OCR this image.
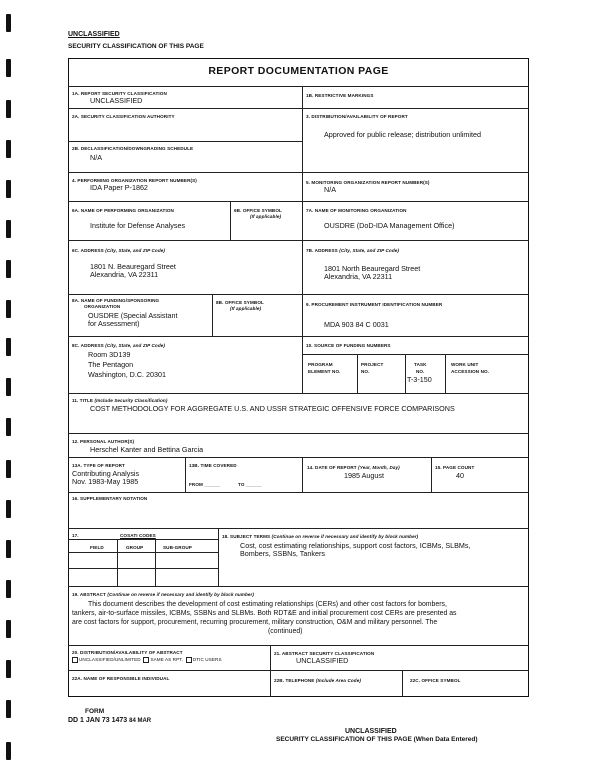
UNCLASSIFIED
SECURITY CLASSIFICATION OF THIS PAGE
REPORT DOCUMENTATION PAGE
1A. REPORT SECURITY CLASSIFICATION
UNCLASSIFIED
1B. RESTRICTIVE MARKINGS
2A. SECURITY CLASSIFICATION AUTHORITY
2B. DECLASSIFICATION/DOWNGRADING SCHEDULE
N/A
3. DISTRIBUTION/AVAILABILITY OF REPORT
Approved for public release; distribution unlimited
4. PERFORMING ORGANIZATION REPORT NUMBER(S)
IDA Paper P-1862
5. MONITORING ORGANIZATION REPORT NUMBER(S)
N/A
6A. NAME OF PERFORMING ORGANIZATION
Institute for Defense Analyses
6B. OFFICE SYMBOL
(If applicable)
7A. NAME OF MONITORING ORGANIZATION
OUSDRE (DoD-IDA Management Office)
6C. ADDRESS (City, State, and ZIP Code)
1801 N. Beauregard Street
Alexandria, VA 22311
7B. ADDRESS (City, State, and ZIP Code)
1801 North Beauregard Street
Alexandria, VA 22311
8A. NAME OF FUNDING/SPONSORING
ORGANIZATION
OUSDRE (Special Assistant
for Assessment)
8B. OFFICE SYMBOL
(If applicable)
9. PROCUREMENT INSTRUMENT IDENTIFICATION NUMBER
MDA 903 84 C 0031
8C. ADDRESS (City, State, and ZIP Code)
Room 3D139
The Pentagon
Washington, D.C. 20301
10. SOURCE OF FUNDING NUMBERS
PROGRAM
ELEMENT NO.
PROJECT
NO.
TASK
NO.
T-3-150
WORK UNIT
ACCESSION NO.
11. TITLE (Include Security Classification)
COST METHODOLOGY FOR AGGREGATE U.S. AND USSR STRATEGIC OFFENSIVE FORCE COMPARISONS
12. PERSONAL AUTHOR(S)
Herschel Kanter and Bettina Garcia
13A. TYPE OF REPORT
Contributing Analysis
Nov. 1983-May 1985
13B. TIME COVERED
FROM ______	TO ______
14. DATE OF REPORT (Year, Month, Day)
1985 August
15. PAGE COUNT
40
16. SUPPLEMENTARY NOTATION
17.	COSATI CODES
FIELD	GROUP	SUB-GROUP
18. SUBJECT TERMS (Continue on reverse if necessary and identify by block number)
Cost, cost estimating relationships, support cost factors, ICBMs, SLBMs,
Bombers, SSBNs, Tankers
19. ABSTRACT (Continue on reverse if necessary and identify by block number)
This document describes the development of cost estimating relationships (CERs) and other cost factors for bombers,
tankers, air-to-surface missiles, ICBMs, SSBNs and SLBMs. Both RDT&E and initial procurement cost CERs are presented as
are cost factors for support, procurement, recurring procurement, military construction, O&M and military personnel. The
(continued)
20. DISTRIBUTION/AVAILABILITY OF ABSTRACT
UNCLASSIFIED/UNLIMITED SAME AS RPT. DTIC USERS
21. ABSTRACT SECURITY CLASSIFICATION
UNCLASSIFIED
22A. NAME OF RESPONSIBLE INDIVIDUAL	22B. TELEPHONE (Include Area Code)	22C. OFFICE SYMBOL
FORM
DD 1 JAN 73 1473 84 MAR
UNCLASSIFIED
SECURITY CLASSIFICATION OF THIS PAGE (When Data Entered)
